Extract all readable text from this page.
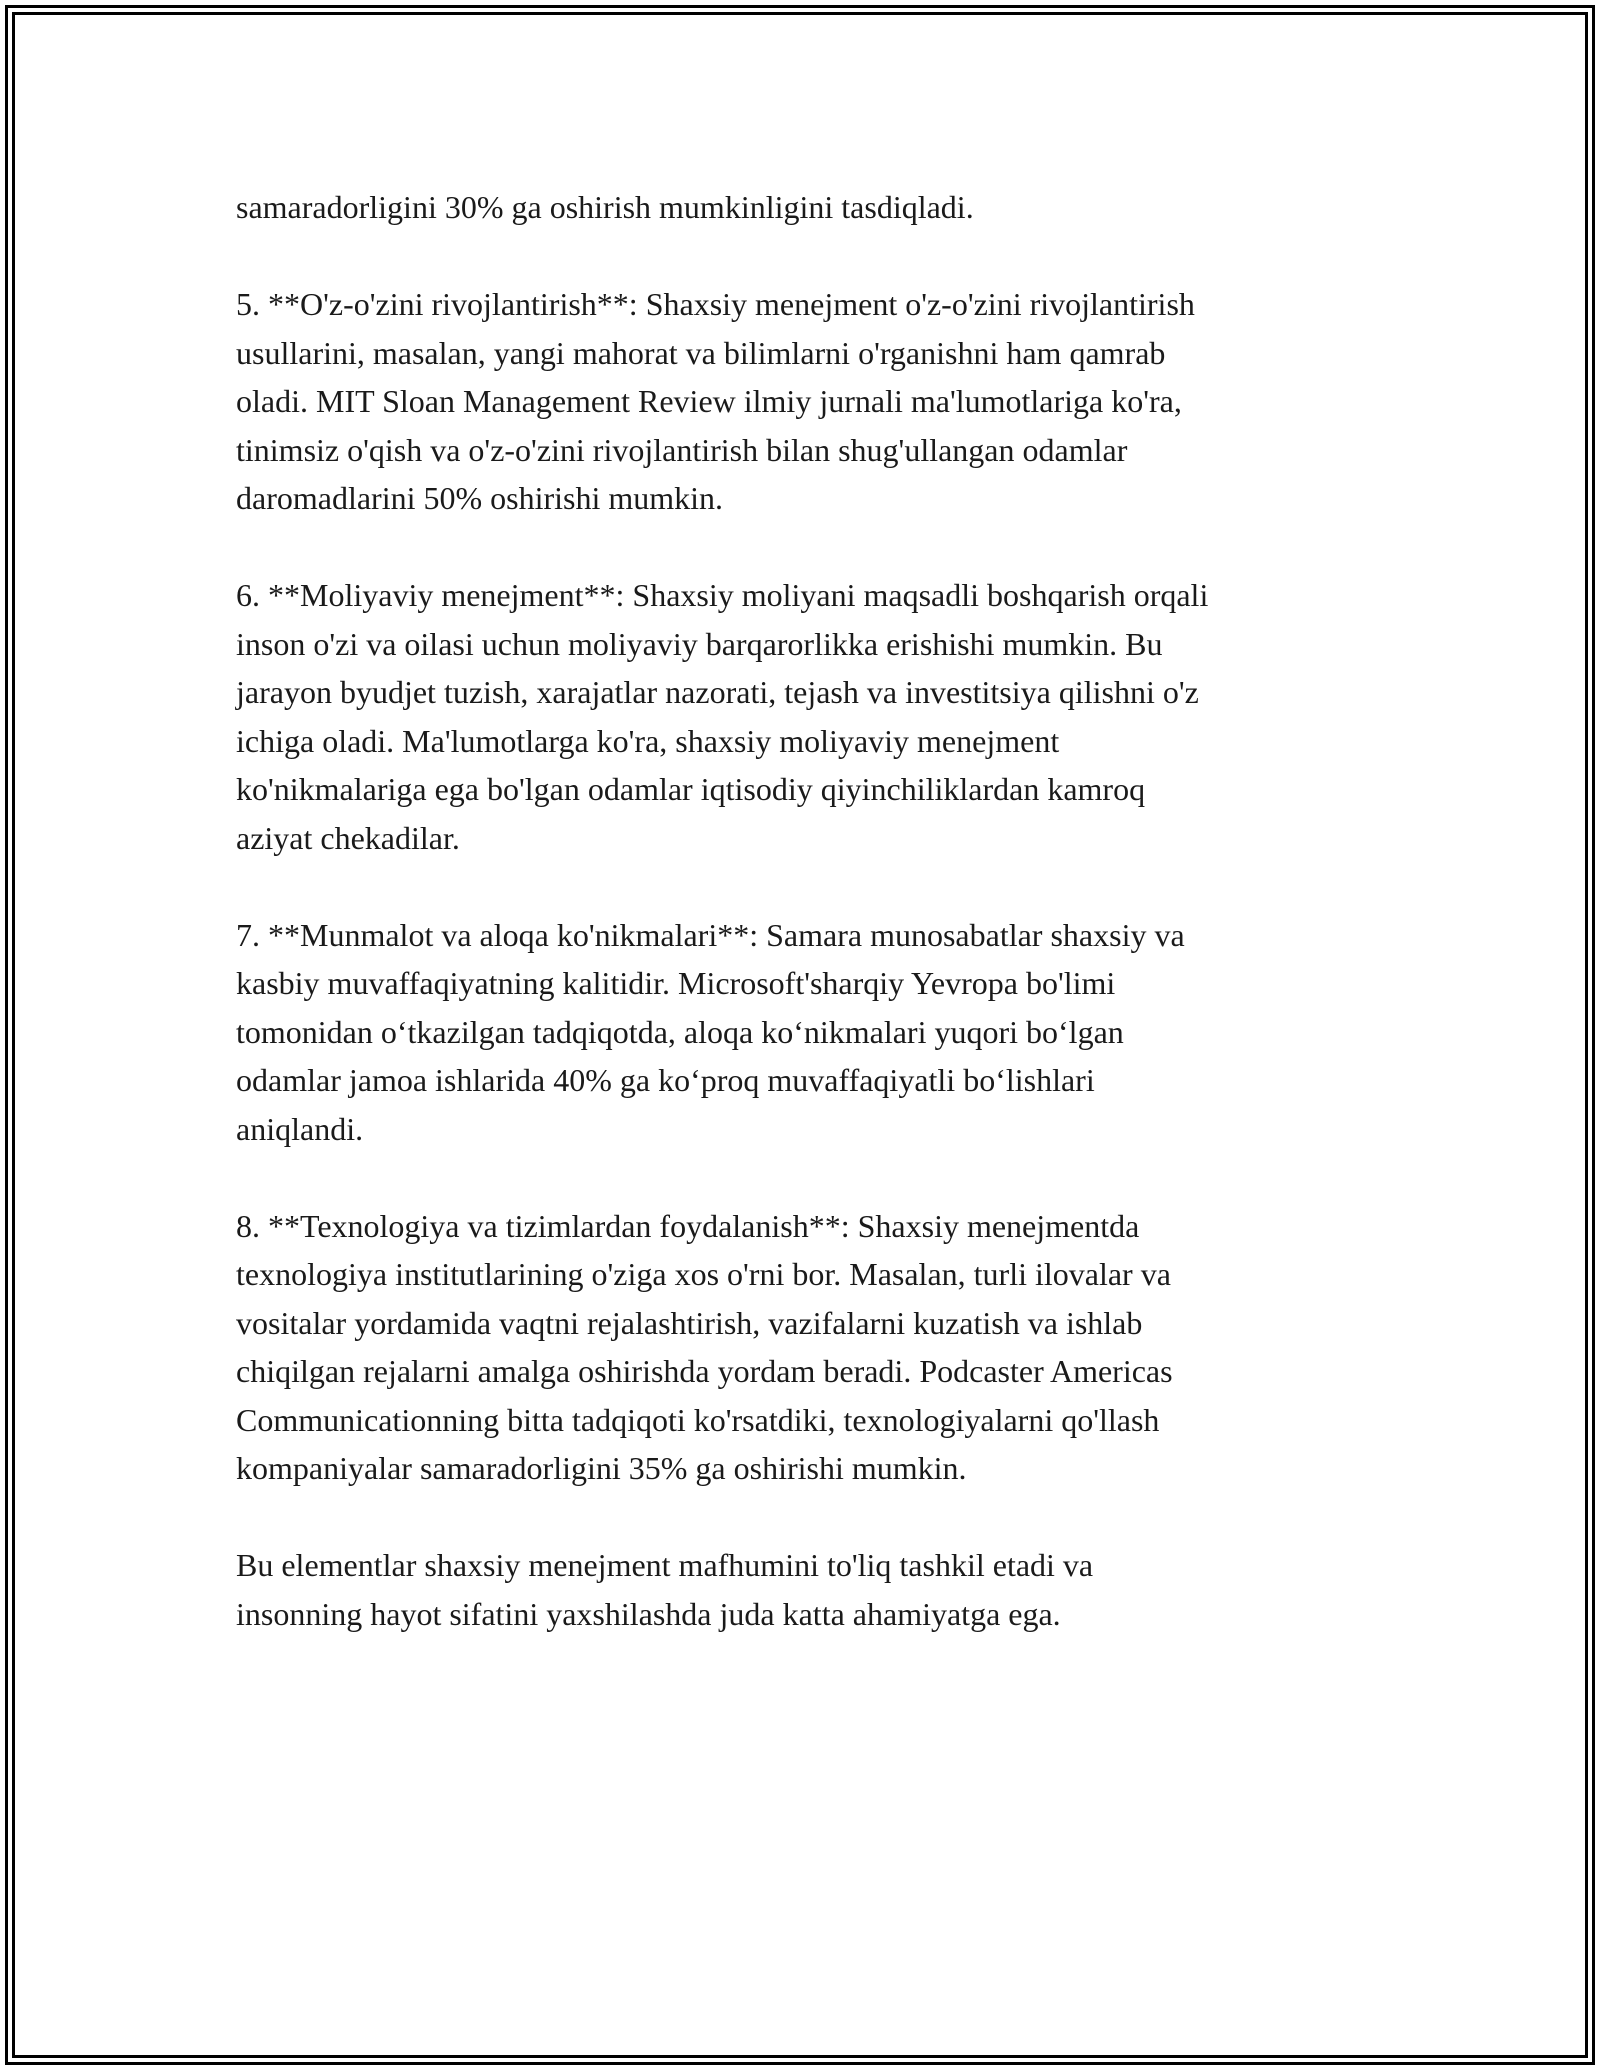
samaradorligini 30% ga oshirish mumkinligini tasdiqladi.

5. **O'z-o'zini rivojlantirish**: Shaxsiy menejment o'z-o'zini rivojlantirish
usullarini, masalan, yangi mahorat va bilimlarni o'rganishni ham qamrab
oladi. MIT Sloan Management Review ilmiy jurnali ma'lumotlariga ko'ra,
tinimsiz o'qish va o'z-o'zini rivojlantirish bilan shug'ullangan odamlar
daromadlarini 50% oshirishi mumkin.

6. **Moliyaviy menejment**: Shaxsiy moliyani maqsadli boshqarish orqali
inson o'zi va oilasi uchun moliyaviy barqarorlikka erishishi mumkin. Bu
jarayon byudjet tuzish, xarajatlar nazorati, tejash va investitsiya qilishni o'z
ichiga oladi. Ma'lumotlarga ko'ra, shaxsiy moliyaviy menejment
ko'nikmalariga ega bo'lgan odamlar iqtisodiy qiyinchiliklardan kamroq
aziyat chekadilar.

7. **Munmalot va aloqa ko'nikmalari**: Samara munosabatlar shaxsiy va
kasbiy muvaffaqiyatning kalitidir. Microsoft'sharqiy Yevropa bo'limi
tomonidan o‘tkazilgan tadqiqotda, aloqa ko‘nikmalari yuqori bo‘lgan
odamlar jamoa ishlarida 40% ga ko‘proq muvaffaqiyatli bo‘lishlari
aniqlandi.

8. **Texnologiya va tizimlardan foydalanish**: Shaxsiy menejmentda
texnologiya institutlarining o'ziga xos o'rni bor. Masalan, turli ilovalar va
vositalar yordamida vaqtni rejalashtirish, vazifalarni kuzatish va ishlab
chiqilgan rejalarni amalga oshirishda yordam beradi. Podcaster Americas
Communicationning bitta tadqiqoti ko'rsatdiki, texnologiyalarni qo'llash
kompaniyalar samaradorligini 35% ga oshirishi mumkin.

Bu elementlar shaxsiy menejment mafhumini to'liq tashkil etadi va
insonning hayot sifatini yaxshilashda juda katta ahamiyatga ega.
